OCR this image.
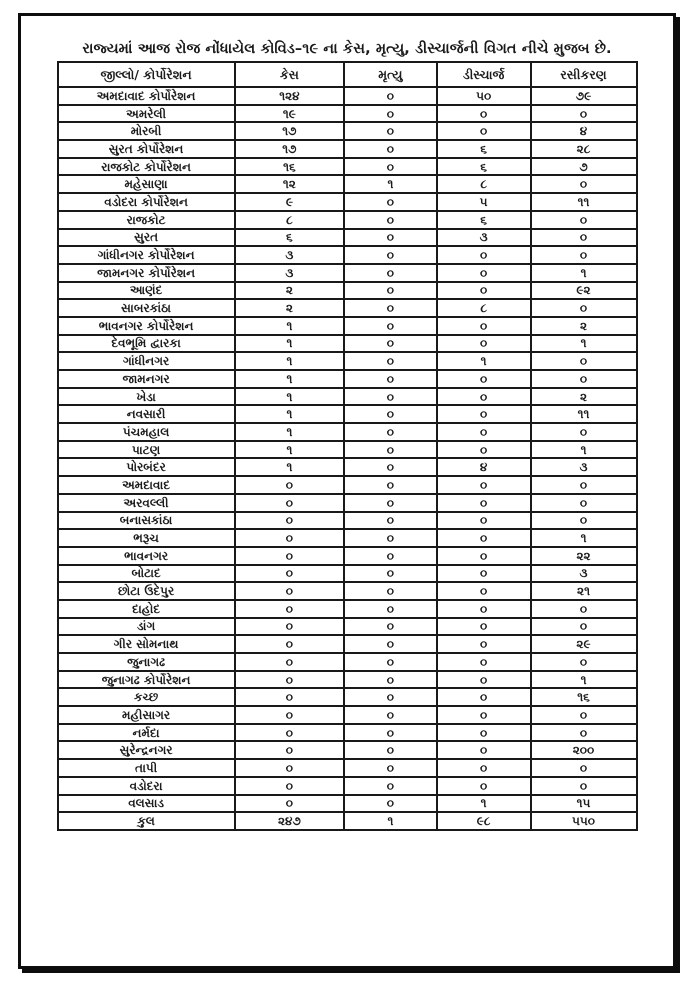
રાજ્યમાં આજ રોજ નોંધાયેલ કોવિડ–૧૯ ના કેસ, મૃત્યુ, ડીસ્ચાર્જની વિગત નીચે મુજબ છે.
જીલ્લો/ કોર્પોરેશન	કેસ	મૃત્યુ	ડીસ્ચાર્જ	રસીકરણ
અમદાવાદ કોર્પોરેશન	૧૨૪	૦	૫૦	૭૯
અમરેલી	૧૯	૦	૦	૦
મોરબી	૧૭	૦	૦	૪
સુરત કોર્પોરેશન	૧૭	૦	૬	૨૮
રાજકોટ કોર્પોરેશન	૧૬	૦	૬	૭
મહેસાણા	૧૨	૧	૮	૦
વડોદરા કોર્પોરેશન	૯	૦	૫	૧૧
રાજકોટ	૮	૦	૬	૦
સુરત	૬	૦	૩	૦
ગાંધીનગર કોર્પોરેશન	૩	૦	૦	૦
જામનગર કોર્પોરેશન	૩	૦	૦	૧
આણંદ	૨	૦	૦	૯૨
સાબરકાંઠા	૨	૦	૮	૦
ભાવનગર કોર્પોરેશન	૧	૦	૦	૨
દેવભૂમિ દ્વારકા	૧	૦	૦	૧
ગાંધીનગર	૧	૦	૧	૦
જામનગર	૧	૦	૦	૦
ખેડા	૧	૦	૦	૨
નવસારી	૧	૦	૦	૧૧
પંચમહાલ	૧	૦	૦	૦
પાટણ	૧	૦	૦	૧
પોરબંદર	૧	૦	૪	૩
અમદાવાદ	૦	૦	૦	૦
અરવલ્લી	૦	૦	૦	૦
બનાસકાંઠા	૦	૦	૦	૦
ભરૂચ	૦	૦	૦	૧
ભાવનગર	૦	૦	૦	૨૨
બોટાદ	૦	૦	૦	૩
છોટા ઉદેપુર	૦	૦	૦	૨૧
દાહોદ	૦	૦	૦	૦
ડાંગ	૦	૦	૦	૦
ગીર સોમનાથ	૦	૦	૦	૨૯
જુનાગઢ	૦	૦	૦	૦
જુનાગઢ કોર્પોરેશન	૦	૦	૦	૧
કચ્છ	૦	૦	૦	૧૬
મહીસાગર	૦	૦	૦	૦
નર્મદા	૦	૦	૦	૦
સુરેન્દ્રનગર	૦	૦	૦	૨૦૦
તાપી	૦	૦	૦	૦
વડોદરા	૦	૦	૦	૦
વલસાડ	૦	૦	૧	૧૫
કુલ	૨૪૭	૧	૯૮	૫૫૦
